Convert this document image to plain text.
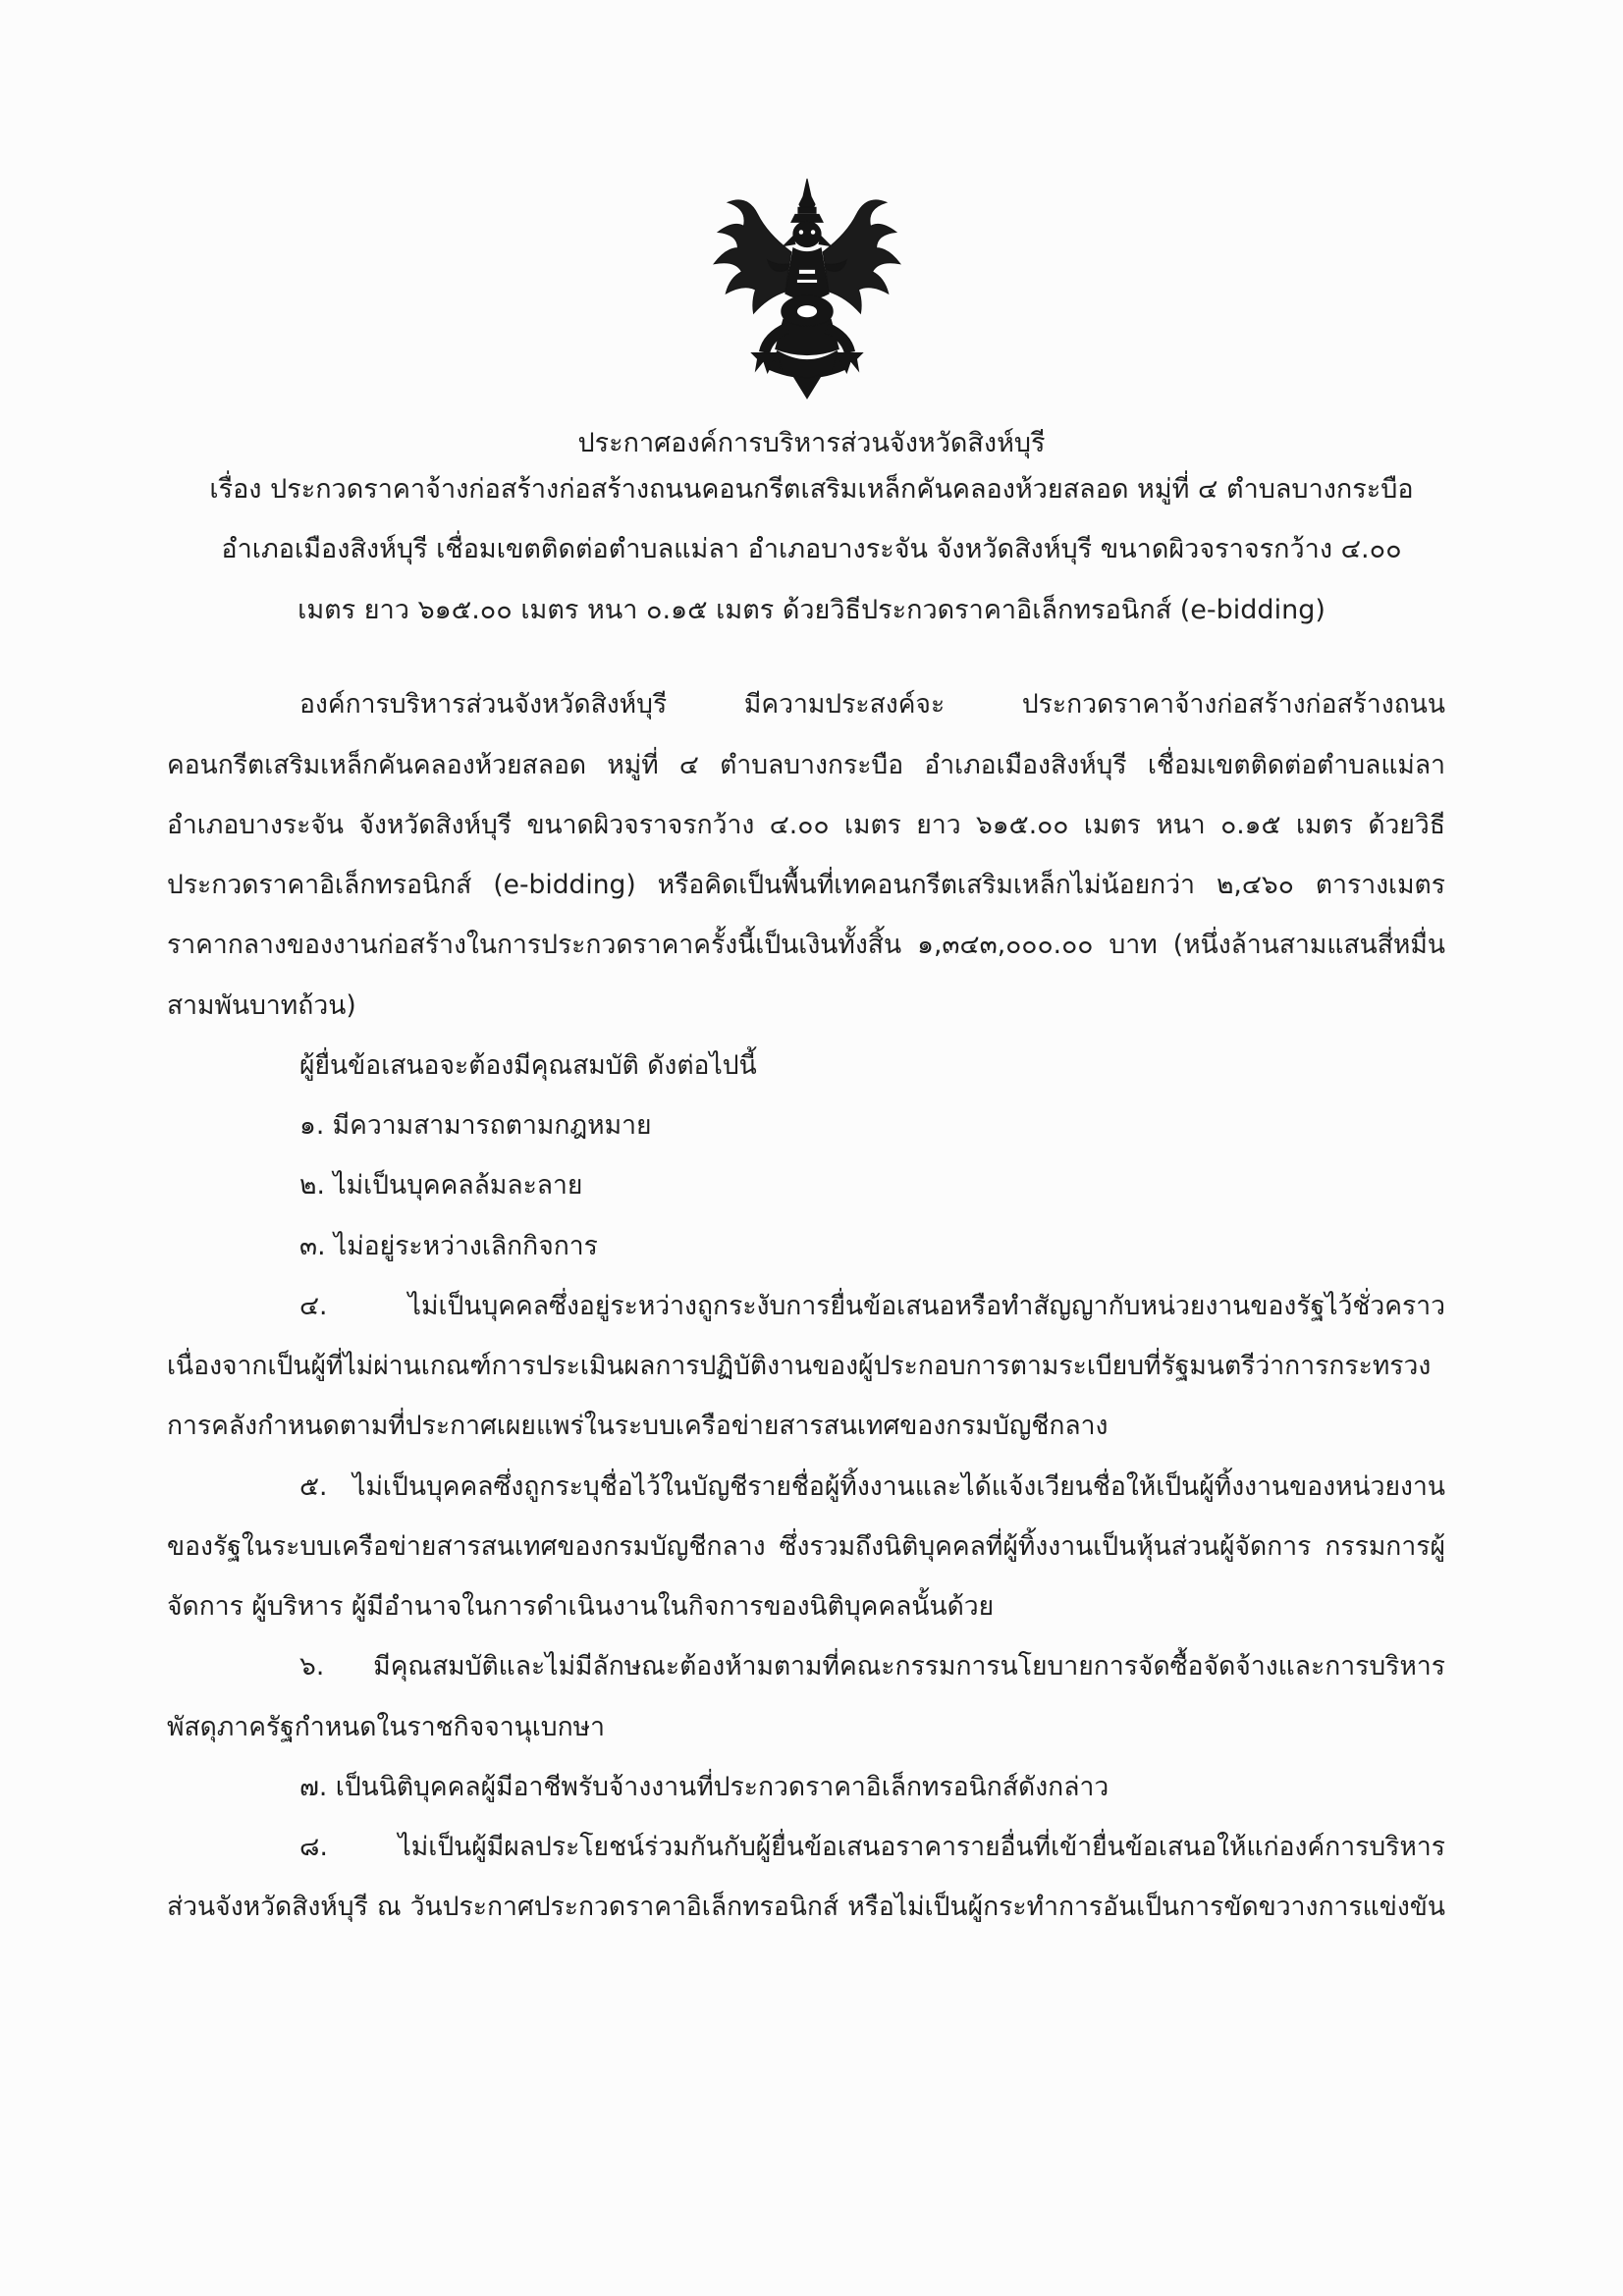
ประกาศองค์การบริหารส่วนจังหวัดสิงห์บุรี
เรื่อง ประกวดราคาจ้างก่อสร้างก่อสร้างถนนคอนกรีตเสริมเหล็กคันคลองห้วยสลอด หมู่ที่ ๔ ตำบลบางกระบือ
อำเภอเมืองสิงห์บุรี เชื่อมเขตติดต่อตำบลแม่ลา อำเภอบางระจัน จังหวัดสิงห์บุรี ขนาดผิวจราจรกว้าง ๔.๐๐
เมตร ยาว ๖๑๕.๐๐ เมตร หนา ๐.๑๕ เมตร ด้วยวิธีประกวดราคาอิเล็กทรอนิกส์ (e-bidding)
องค์การบริหารส่วนจังหวัดสิงห์บุรี มีความประสงค์จะ ประกวดราคาจ้างก่อสร้างก่อสร้างถนน
คอนกรีตเสริมเหล็กคันคลองห้วยสลอด หมู่ที่ ๔ ตำบลบางกระบือ อำเภอเมืองสิงห์บุรี เชื่อมเขตติดต่อตำบลแม่ลา
อำเภอบางระจัน จังหวัดสิงห์บุรี ขนาดผิวจราจรกว้าง ๔.๐๐ เมตร ยาว ๖๑๕.๐๐ เมตร หนา ๐.๑๕ เมตร ด้วยวิธี
ประกวดราคาอิเล็กทรอนิกส์ (e-bidding) หรือคิดเป็นพื้นที่เทคอนกรีตเสริมเหล็กไม่น้อยกว่า ๒,๔๖๐ ตารางเมตร
ราคากลางของงานก่อสร้างในการประกวดราคาครั้งนี้เป็นเงินทั้งสิ้น ๑,๓๔๓,๐๐๐.๐๐ บาท (หนึ่งล้านสามแสนสี่หมื่น
สามพันบาทถ้วน)
ผู้ยื่นข้อเสนอจะต้องมีคุณสมบัติ ดังต่อไปนี้
๑. มีความสามารถตามกฎหมาย
๒. ไม่เป็นบุคคลล้มละลาย
๓. ไม่อยู่ระหว่างเลิกกิจการ
๔. ไม่เป็นบุคคลซึ่งอยู่ระหว่างถูกระงับการยื่นข้อเสนอหรือทำสัญญากับหน่วยงานของรัฐไว้ชั่วคราว
เนื่องจากเป็นผู้ที่ไม่ผ่านเกณฑ์การประเมินผลการปฏิบัติงานของผู้ประกอบการตามระเบียบที่รัฐมนตรีว่าการกระทรวง
การคลังกำหนดตามที่ประกาศเผยแพร่ในระบบเครือข่ายสารสนเทศของกรมบัญชีกลาง
๕. ไม่เป็นบุคคลซึ่งถูกระบุชื่อไว้ในบัญชีรายชื่อผู้ทิ้งงานและได้แจ้งเวียนชื่อให้เป็นผู้ทิ้งงานของหน่วยงาน
ของรัฐในระบบเครือข่ายสารสนเทศของกรมบัญชีกลาง ซึ่งรวมถึงนิติบุคคลที่ผู้ทิ้งงานเป็นหุ้นส่วนผู้จัดการ กรรมการผู้
จัดการ ผู้บริหาร ผู้มีอำนาจในการดำเนินงานในกิจการของนิติบุคคลนั้นด้วย
๖. มีคุณสมบัติและไม่มีลักษณะต้องห้ามตามที่คณะกรรมการนโยบายการจัดซื้อจัดจ้างและการบริหาร
พัสดุภาครัฐกำหนดในราชกิจจานุเบกษา
๗. เป็นนิติบุคคลผู้มีอาชีพรับจ้างงานที่ประกวดราคาอิเล็กทรอนิกส์ดังกล่าว
๘. ไม่เป็นผู้มีผลประโยชน์ร่วมกันกับผู้ยื่นข้อเสนอราคารายอื่นที่เข้ายื่นข้อเสนอให้แก่องค์การบริหาร
ส่วนจังหวัดสิงห์บุรี ณ วันประกาศประกวดราคาอิเล็กทรอนิกส์ หรือไม่เป็นผู้กระทำการอันเป็นการขัดขวางการแข่งขัน
